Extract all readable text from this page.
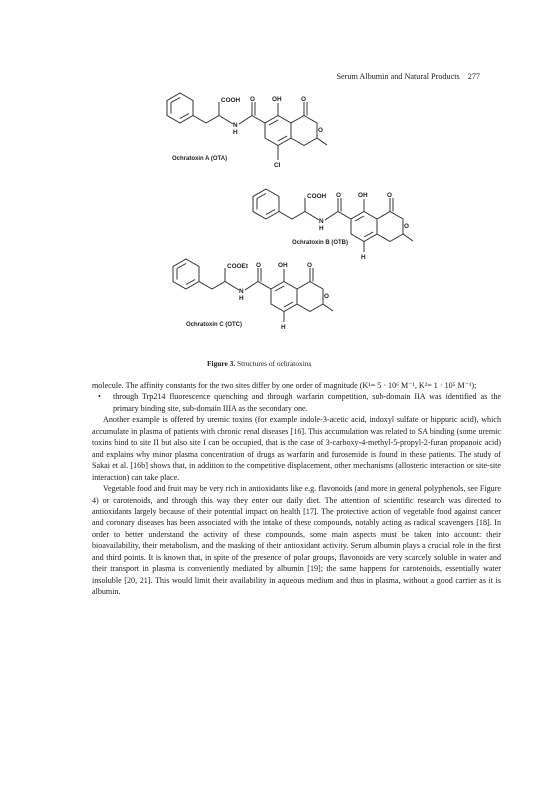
Serum Albumin and Natural Products 277
COOH
N
H
O	OH	O
O
Cl
Ochratoxin A (OTA)
COOH
N
H
O	OH	O
O
H
Ochratoxin B (OTB)
COOEt
N
H
O	OH	O
O
H
Ochratoxin C (OTC)
Figure 3. Structures of ochratoxins

molecule. The affinity constants for the two sites differ by one order of magnitude (K¹= 5 · 10⁶ M⁻¹, K²= 1 · 10⁵ M⁻¹);

• through Trp214 fluorescence quenching and through warfarin competition, sub-domain IIA was identified as the primary binding site, sub-domain IIIA as the secondary one.

Another example is offered by uremic toxins (for example indole-3-acetic acid, indoxyl sulfate or hippuric acid), which accumulate in plasma of patients with chronic renal diseases [16]. This accumulation was related to SA binding (some uremic toxins bind to site II but also site I can be occupied, that is the case of 3-carboxy-4-methyl-5-propyl-2-furan propanoic acid) and explains why minor plasma concentration of drugs as warfarin and furosemide is found in these patients. The study of Sakai et al. [16b] shows that, in addition to the competitive displacement, other mechanisms (allosteric interaction or site-site interaction) can take place.

Vegetable food and fruit may be very rich in antioxidants like e.g. flavonoids (and more in general polyphenols, see Figure 4) or carotenoids, and through this way they enter our daily diet. The attention of scientific research was directed to antioxidants largely because of their potential impact on health [17]. The protective action of vegetable food against cancer and coronary diseases has been associated with the intake of these compounds, notably acting as radical scavengers [18]. In order to better understand the activity of these compounds, some main aspects must be taken into account: their bioavailability, their metabolism, and the masking of their antioxidant activity. Serum albumin plays a crucial role in the first and third points. It is known that, in spite of the presence of polar groups, flavonoids are very scarcely soluble in water and their transport in plasma is conveniently mediated by albumin [19]; the same happens for carotenoids, essentially water insoluble [20, 21]. This would limit their availability in aqueous medium and thus in plasma, without a good carrier as it is albumin.
